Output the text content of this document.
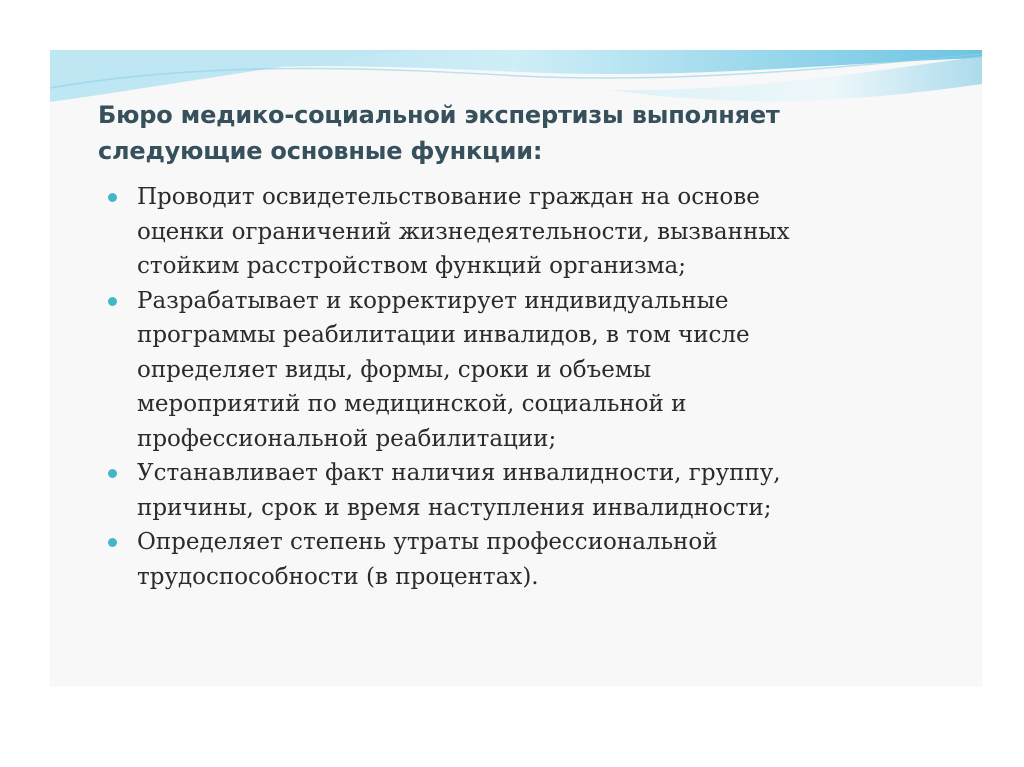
Бюро медико-социальной экспертизы выполняет
следующие основные функции:
Проводит освидетельствование граждан на основе
оценки ограничений жизнедеятельности, вызванных
стойким расстройством функций организма;
Разрабатывает и корректирует индивидуальные
программы реабилитации инвалидов, в том числе
определяет виды, формы, сроки и объемы
мероприятий по медицинской, социальной и
профессиональной реабилитации;
Устанавливает факт наличия инвалидности, группу,
причины, срок и время наступления инвалидности;
Определяет степень утраты профессиональной
трудоспособности (в процентах).
